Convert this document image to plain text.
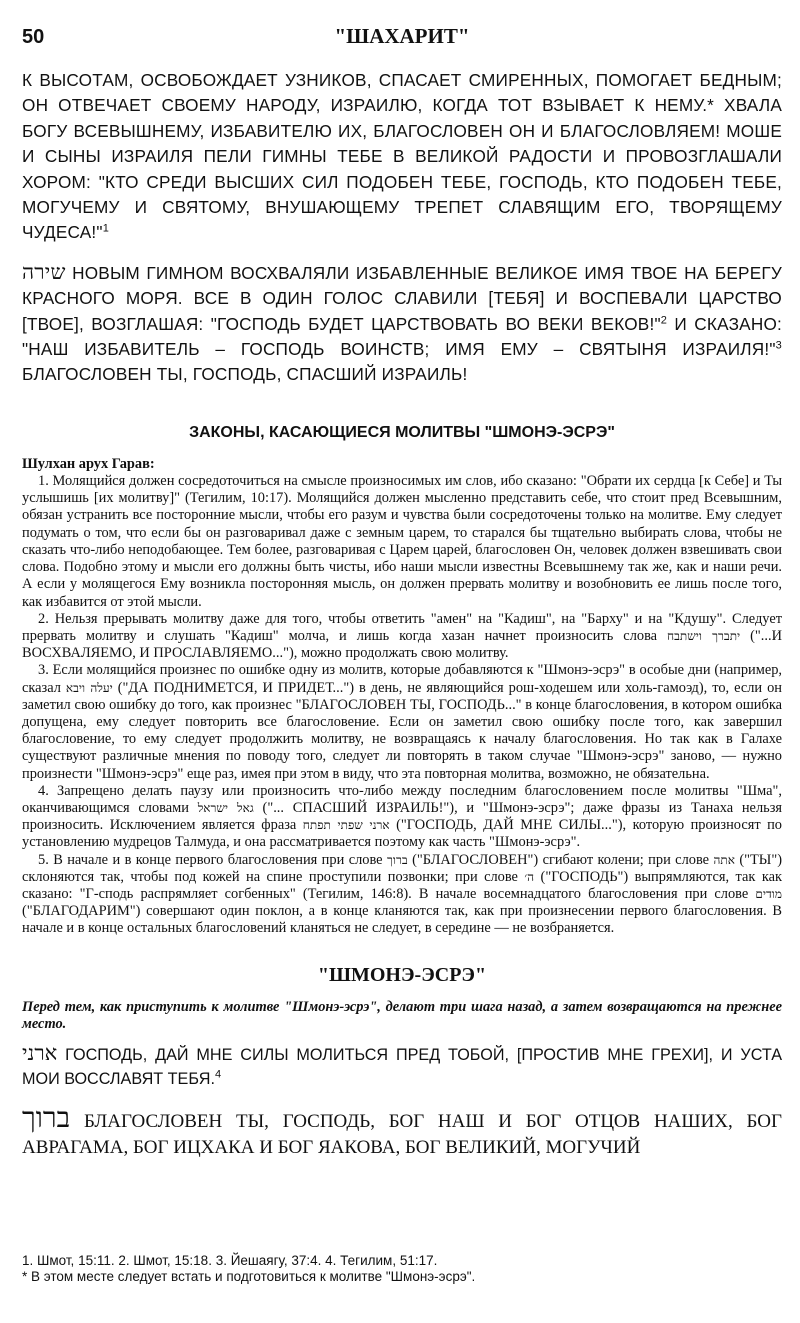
50	"ШАХАРИТ"

К ВЫСОТАМ, ОСВОБОЖДАЕТ УЗНИКОВ, СПАСАЕТ СМИРЕННЫХ, ПОМОГАЕТ БЕДНЫМ; ОН ОТВЕЧАЕТ СВОЕМУ НАРОДУ, ИЗРАИЛЮ, КОГДА ТОТ ВЗЫВАЕТ К НЕМУ.* ХВАЛА БОГУ ВСЕВЫШНЕМУ, ИЗБАВИТЕЛЮ ИХ, БЛАГОСЛОВЕН ОН И БЛАГОСЛОВЛЯЕМ! МОШЕ И СЫНЫ ИЗРАИЛЯ ПЕЛИ ГИМНЫ ТЕБЕ В ВЕЛИКОЙ РАДОСТИ И ПРОВОЗГЛАШАЛИ ХОРОМ: "КТО СРЕДИ ВЫСШИХ СИЛ ПОДОБЕН ТЕБЕ, ГОСПОДЬ, КТО ПОДОБЕН ТЕБЕ, МОГУЧЕМУ И СВЯТОМУ, ВНУШАЮЩЕМУ ТРЕПЕТ СЛАВЯЩИМ ЕГО, ТВОРЯЩЕМУ ЧУДЕСА!"$^1$

שירה НОВЫМ ГИМНОМ ВОСХВАЛЯЛИ ИЗБАВЛЕННЫЕ ВЕЛИКОЕ ИМЯ ТВОЕ НА БЕРЕГУ КРАСНОГО МОРЯ. ВСЕ В ОДИН ГОЛОС СЛАВИЛИ [ТЕБЯ] И ВОСПЕВАЛИ ЦАРСТВО [ТВОЕ], ВОЗГЛАШАЯ: "ГОСПОДЬ БУДЕТ ЦАРСТВОВАТЬ ВО ВЕКИ ВЕКОВ!"$^2$ И СКАЗАНО: "НАШ ИЗБАВИТЕЛЬ – ГОСПОДЬ ВОИНСТВ; ИМЯ ЕМУ – СВЯТЫНЯ ИЗРАИЛЯ!"$^3$ БЛАГОСЛОВЕН ТЫ, ГОСПОДЬ, СПАСШИЙ ИЗРАИЛЬ!

ЗАКОНЫ, КАСАЮЩИЕСЯ МОЛИТВЫ "ШМОНЭ-ЭСРЭ"

Шулхан арух Гарав:

1. Молящийся должен сосредоточиться на смысле произносимых им слов, ибо сказано: "Обрати их сердца [к Себе] и Ты услышишь [их молитву]" (Тегилим, 10:17). Молящийся должен мысленно представить себе, что стоит пред Всевышним, обязан устранить все посторонние мысли, чтобы его разум и чувства были сосредоточены только на молитве. Ему следует подумать о том, что если бы он разговаривал даже с земным царем, то старался бы тщательно выбирать слова, чтобы не сказать что-либо неподобающее. Тем более, разговаривая с Царем царей, благословен Он, человек должен взвешивать свои слова. Подобно этому и мысли его должны быть чисты, ибо наши мысли известны Всевышнему так же, как и наши речи. А если у молящегося Ему возникла посторонняя мысль, он должен прервать молитву и возобновить ее лишь после того, как избавится от этой мысли.

2. Нельзя прерывать молитву даже для того, чтобы ответить "амен" на "Кадиш", на "Барху" и на "Кдушу". Следует прервать молитву и слушать "Кадиш" молча, и лишь когда хазан начнет произносить слова יתברך וישתבח ("...И ВОСХВАЛЯЕМО, И ПРОСЛАВЛЯЕМО..."), можно продолжать свою молитву.

3. Если молящийся произнес по ошибке одну из молитв, которые добавляются к "Шмонэ-эсрэ" в особые дни (например, сказал יעלה ויבא ("ДА ПОДНИМЕТСЯ, И ПРИДЕТ...") в день, не являющийся рош-ходешем или холь-гамоэд), то, если он заметил свою ошибку до того, как произнес "БЛАГОСЛОВЕН ТЫ, ГОСПОДЬ..." в конце благословения, в котором ошибка допущена, ему следует повторить все благословение. Если он заметил свою ошибку после того, как завершил благословение, то ему следует продолжить молитву, не возвращаясь к началу благословения. Но так как в Галахе существуют различные мнения по поводу того, следует ли повторять в таком случае "Шмонэ-эсрэ" заново, — нужно произнести "Шмонэ-эсрэ" еще раз, имея при этом в виду, что эта повторная молитва, возможно, не обязательна.

4. Запрещено делать паузу или произносить что-либо между последним благословением после молитвы "Шма", оканчивающимся словами גאל ישראל ("... СПАСШИЙ ИЗРАИЛЬ!"), и "Шмонэ-эсрэ"; даже фразы из Танаха нельзя произносить. Исключением является фраза ארני שפתי תפתח ("ГОСПОДЬ, ДАЙ МНЕ СИЛЫ..."), которую произносят по установлению мудрецов Талмуда, и она рассматривается поэтому как часть "Шмонэ-эсрэ".

5. В начале и в конце первого благословения при слове ברוך ("БЛАГОСЛОВЕН") сгибают колени; при слове אתה ("ТЫ") склоняются так, чтобы под кожей на спине проступили позвонки; при слове ה׳ ("ГОСПОДЬ") выпрямляются, так как сказано: "Г-сподь распрямляет согбенных" (Тегилим, 146:8). В начале восемнадцатого благословения при слове מודים ("БЛАГОДАРИМ") совершают один поклон, а в конце кланяются так, как при произнесении первого благословения. В начале и в конце остальных благословений кланяться не следует, в середине — не возбраняется.

"ШМОНЭ-ЭСРЭ"

Перед тем, как приступить к молитве "Шмонэ-эсрэ", делают три шага назад, а затем возвращаются на прежнее место.

ארני ГОСПОДЬ, ДАЙ МНЕ СИЛЫ МОЛИТЬСЯ ПРЕД ТОБОЙ, [ПРОСТИВ МНЕ ГРЕХИ], И УСТА МОИ ВОССЛАВЯТ ТЕБЯ.$^4$

ברוך БЛАГОСЛОВЕН ТЫ, ГОСПОДЬ, БОГ НАШ И БОГ ОТЦОВ НАШИХ, БОГ АВРАГАМА, БОГ ИЦХАКА И БОГ ЯАКОВА, БОГ ВЕЛИКИЙ, МОГУЧИЙ

1. Шмот, 15:11. 2. Шмот, 15:18. 3. Йешаягу, 37:4. 4. Тегилим, 51:17.
* В этом месте следует встать и подготовиться к молитве "Шмонэ-эсрэ".
